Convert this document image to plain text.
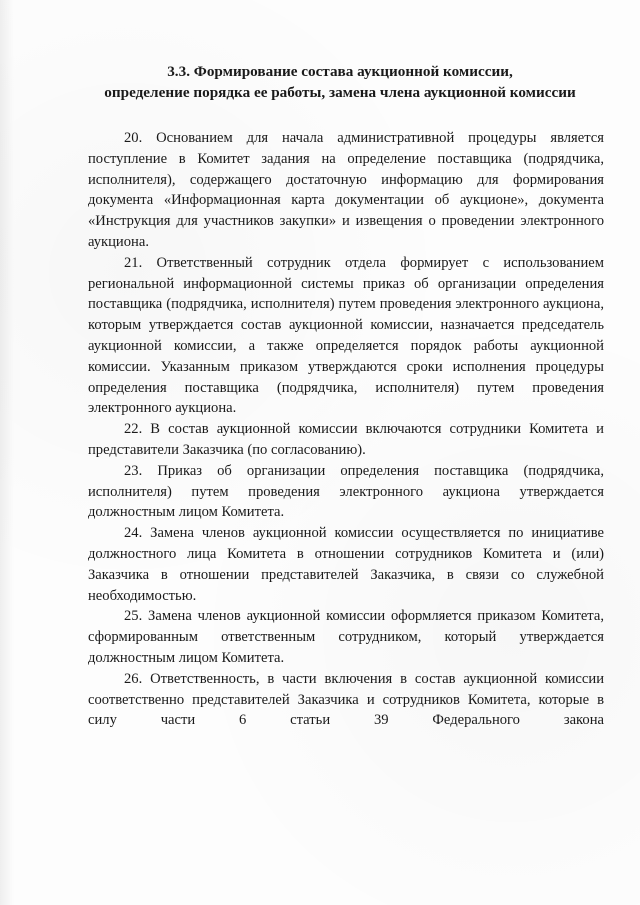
3.3. Формирование состава аукционной комиссии,
определение порядка ее работы, замена члена аукционной комиссии

20. Основанием для начала административной процедуры является поступление в Комитет задания на определение поставщика (подрядчика, исполнителя), содержащего достаточную информацию для формирования документа «Информационная карта документации об аукционе», документа «Инструкция для участников закупки» и извещения о проведении электронного аукциона.

21. Ответственный сотрудник отдела формирует с использованием региональной информационной системы приказ об организации определения поставщика (подрядчика, исполнителя) путем проведения электронного аукциона, которым утверждается состав аукционной комиссии, назначается председатель аукционной комиссии, а также определяется порядок работы аукционной комиссии. Указанным приказом утверждаются сроки исполнения процедуры определения поставщика (подрядчика, исполнителя) путем проведения электронного аукциона.

22. В состав аукционной комиссии включаются сотрудники Комитета и представители Заказчика (по согласованию).

23. Приказ об организации определения поставщика (подрядчика, исполнителя) путем проведения электронного аукциона утверждается должностным лицом Комитета.

24. Замена членов аукционной комиссии осуществляется по инициативе должностного лица Комитета в отношении сотрудников Комитета и (или) Заказчика в отношении представителей Заказчика, в связи со служебной необходимостью.

25. Замена членов аукционной комиссии оформляется приказом Комитета, сформированным ответственным сотрудником, который утверждается должностным лицом Комитета.

26. Ответственность, в части включения в состав аукционной комиссии соответственно представителей Заказчика и сотрудников Комитета, которые в силу части 6 статьи 39 Федерального закона
